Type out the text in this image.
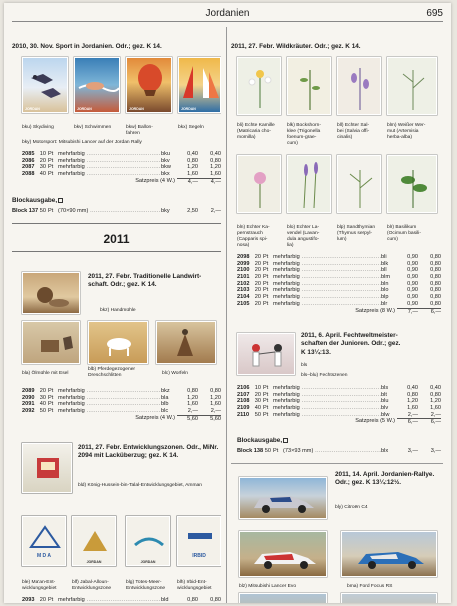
Jordanien	695
2010, 30. Nov. Sport in Jordanien. Odr.; gez. K 14.
JORDAN	JORDAN	JORDAN	JORDAN
bku) Skydiving	bkv) Schwimmen	bkw) Ballon-
fahren
bkx) Segeln
bky) Motorsport: Mitsubishi Lancer auf der Jordan Rally
2085 10 Pt mehrfarbig .....	bku	0,40	0,40
2086 20 Pt mehrfarbig .....	bkv	0,80	0,80
2087 30 Pt mehrfarbig .....	bkw	1,20	1,20
2088 40 Pt mehrfarbig .....	bkx	1,60	1,60
Satzpreis (4 W.)	4,—	4,—
Blockausgabe,
Block 137 50 Pt (70×90 mm) .....	bky	2,50	2,—
2011
2011, 27. Febr. Traditionelle Landwirt-
schaft. Odr.; gez. K 14.
bkz) Handmühle
bla) Ölmühle mit Esel
blb) Pferdegezogener
Dreschschlitten	blc) Worfeln
2089 20 Pt mehrfarbig .....	bkz	0,80	0,80
2090 30 Pt mehrfarbig .....	bla	1,20	1,20
2091 40 Pt mehrfarbig .....	blb	1,60	1,60
2092 50 Pt mehrfarbig .....	blc	2,—	2,—
Satzpreis (4 W.)	5,60	5,60
2011, 27. Febr. Entwicklungszonen. Odr., MiNr. 2094 mit Lacküberzug; gez. K 14.
bld) König-Hussein-bin-Talal-Entwicklungsgebiet, Amman
M D A
JORDAN	JORDAN
IRBID
ble) Ma'an-Ent-
wicklungsgebiet
blf) Jabal-Alloun-
Entwicklungszone
blg) Totes-Meer-
Entwicklungszone
blh) Irbid-Ent-
wicklungsgebiet
2093 20 Pt mehrfarbig .....	bld	0,80	0,80
2011, 27. Febr. Wildkräuter. Odr.; gez. K 14.
bli) Echte Kamille
(Matricaria cho-
momilla)
blk) Bockshorn-
klee (Trigonella
foenum-grae-
cum)
bll) Echter Sal-
bei (Salvia offi-
cinalis)
blm) Weißer Wer-
mut (Artemisia
herba-alba)
bln) Echter Ka-
pernstrauch
(Capparis spi-
nosa)
blo) Echter La-
vendel (Lavan-
dula angustifo-
lia)
blp) Sandthymian
(Thymus serpyl-
lum)
blr) Basilikum
(Ocimum basili-
cum)
2098 20 Pt mehrfarbig .....	bli	0,90	0,80
2099 20 Pt mehrfarbig .....	blk	0,90	0,80
2100 20 Pt mehrfarbig .....	bll	0,90	0,80
2101 20 Pt mehrfarbig .....	blm	0,90	0,80
2102 20 Pt mehrfarbig .....	bln	0,90	0,80
2103 20 Pt mehrfarbig .....	blo	0,90	0,80
2104 20 Pt mehrfarbig .....	blp	0,90	0,80
2105 20 Pt mehrfarbig .....	blr	0,90	0,80
Satzpreis (8 W.)	7,—	6,—
2011, 6. April. Fechtweltmeister-
schaften der Junioren. Odr.; gez.
K 13¼:13.
bls
bls–blu) Fechtszenen
2106 10 Pt mehrfarbig .....	bls	0,40	0,40
2107 20 Pt mehrfarbig .....	blt	0,80	0,80
2108 30 Pt mehrfarbig .....	blu	1,20	1,20
2109 40 Pt mehrfarbig .....	blv	1,60	1,60
2110	50 Pt mehrfarbig .....	blw	2,—	2,—
Satzpreis (5 W.)	6,—	6,—
Blockausgabe,
Block 138 50 Pt (73×93 mm) .....	blx	3,—	3,—
2011, 14. April. Jordanien-Rallye.
Odr.; gez. K 13¼:12½.
bly) Citroën C4
blz) Mitsubishi Lancer Evo	bma) Ford Focus RS
